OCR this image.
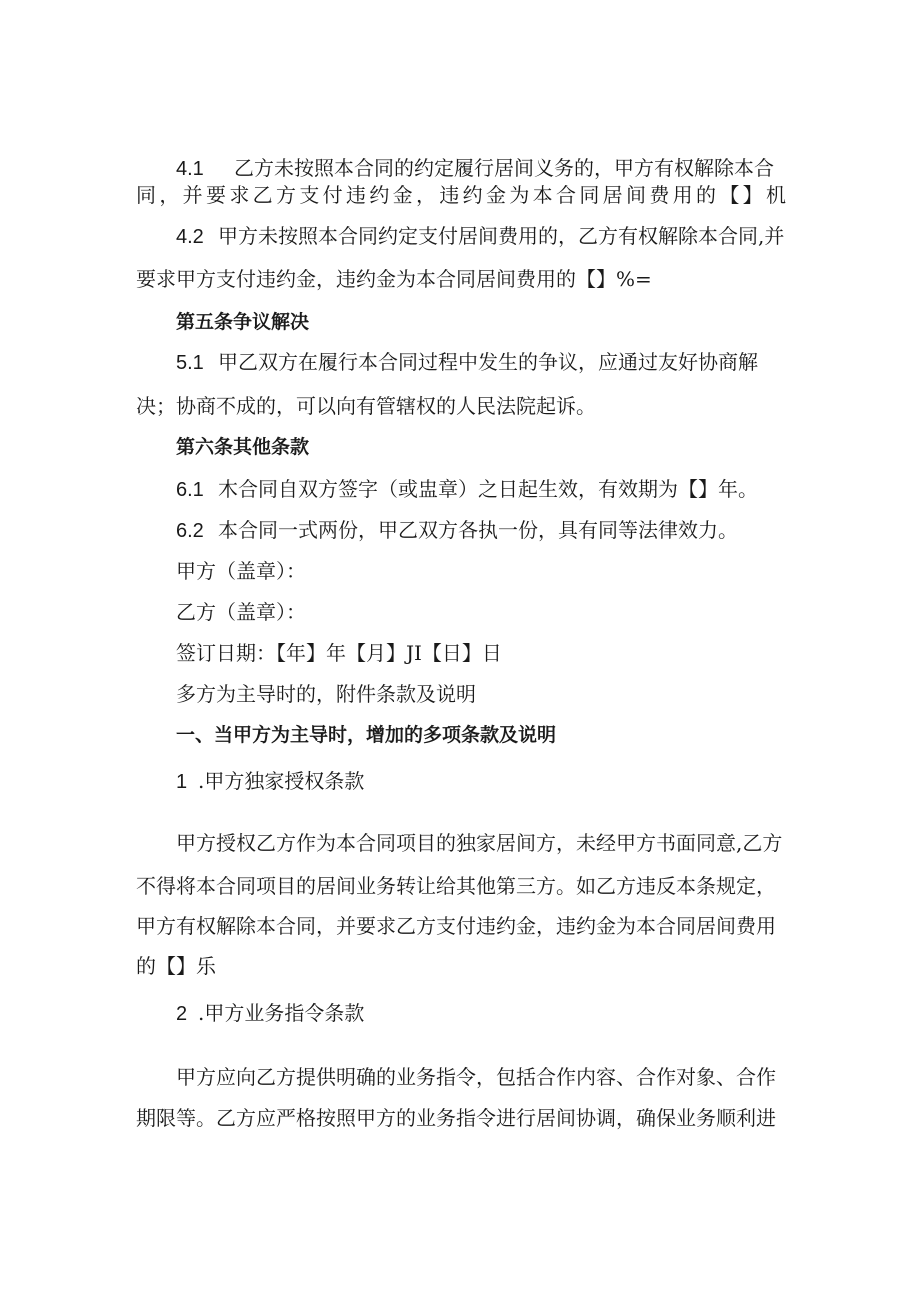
4.1 乙方未按照本合同的约定履行居间义务的，甲方有权解除本合
同，并要求乙方支付违约金，违约金为本合同居间费用的【】机
4.2 甲方未按照本合同约定支付居间费用的，乙方有权解除本合同,并
要求甲方支付违约金，违约金为本合同居间费用的【】%=
第五条争议解决
5.1 甲乙双方在履行本合同过程中发生的争议，应通过友好协商解
决；协商不成的，可以向有管辖权的人民法院起诉。
第六条其他条款
6.1 木合同自双方签字（或盅章）之日起生效，有效期为【】年。
6.2 本合同一式两份，甲乙双方各执一份，具有同等法律效力。
甲方（盖章）：
乙方（盖章）：
签订日期：【年】年【月】JI【日】日
多方为主导时的，附件条款及说明
一、当甲方为主导时，增加的多项条款及说明
1 .甲方独家授权条款
甲方授权乙方作为本合同项目的独家居间方，未经甲方书面同意,乙方
不得将本合同项目的居间业务转让给其他第三方。如乙方违反本条规定，
甲方有权解除本合同，并要求乙方支付违约金，违约金为本合同居间费用
的【】乐
2 .甲方业务指令条款
甲方应向乙方提供明确的业务指令，包括合作内容、合作对象、合作
期限等。乙方应严格按照甲方的业务指令进行居间协调，确保业务顺利进
